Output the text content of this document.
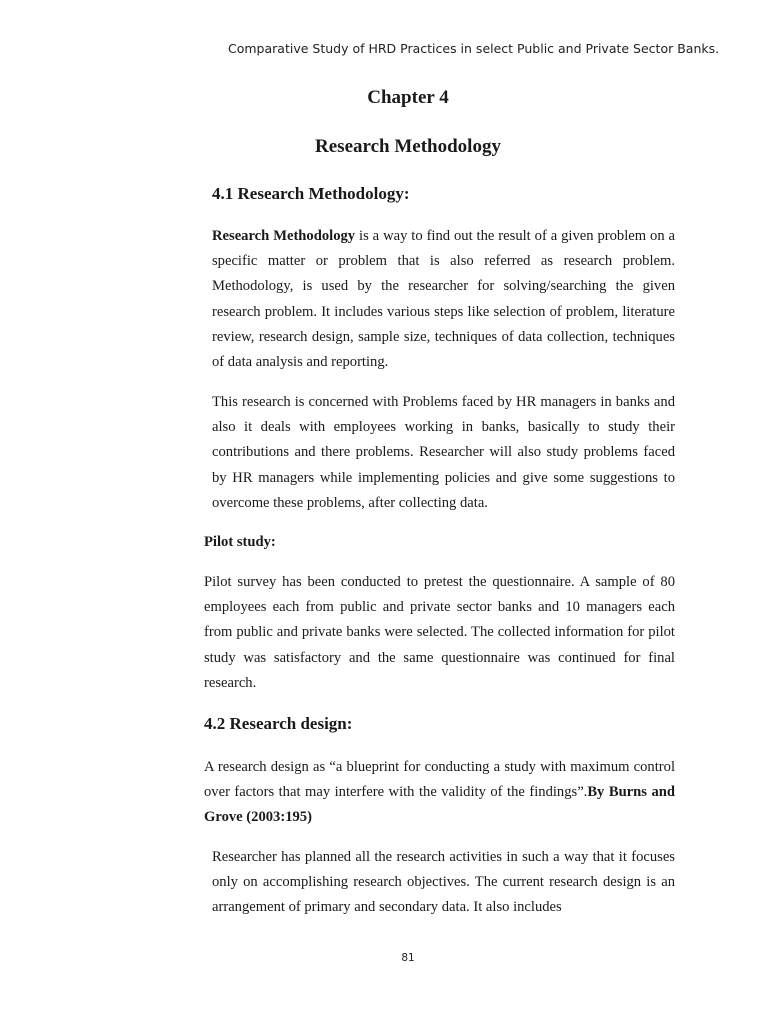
Comparative Study of HRD Practices in select Public and Private Sector Banks.
Chapter 4
Research Methodology
4.1 Research Methodology:

Research Methodology is a way to find out the result of a given problem on a specific matter or problem that is also referred as research problem. Methodology, is used by the researcher for solving/searching the given research problem. It includes various steps like selection of problem, literature review, research design, sample size, techniques of data collection, techniques of data analysis and reporting.

This research is concerned with Problems faced by HR managers in banks and also it deals with employees working in banks, basically to study their contributions and there problems. Researcher will also study problems faced by HR managers while implementing policies and give some suggestions to overcome these problems, after collecting data.

Pilot study:

Pilot survey has been conducted to pretest the questionnaire. A sample of 80 employees each from public and private sector banks and 10 managers each from public and private banks were selected. The collected information for pilot study was satisfactory and the same questionnaire was continued for final research.

4.2 Research design:

A research design as “a blueprint for conducting a study with maximum control over factors that may interfere with the validity of the findings”.By Burns and Grove (2003:195)

Researcher has planned all the research activities in such a way that it focuses only on accomplishing research objectives. The current research design is an arrangement of primary and secondary data. It also includes

81
